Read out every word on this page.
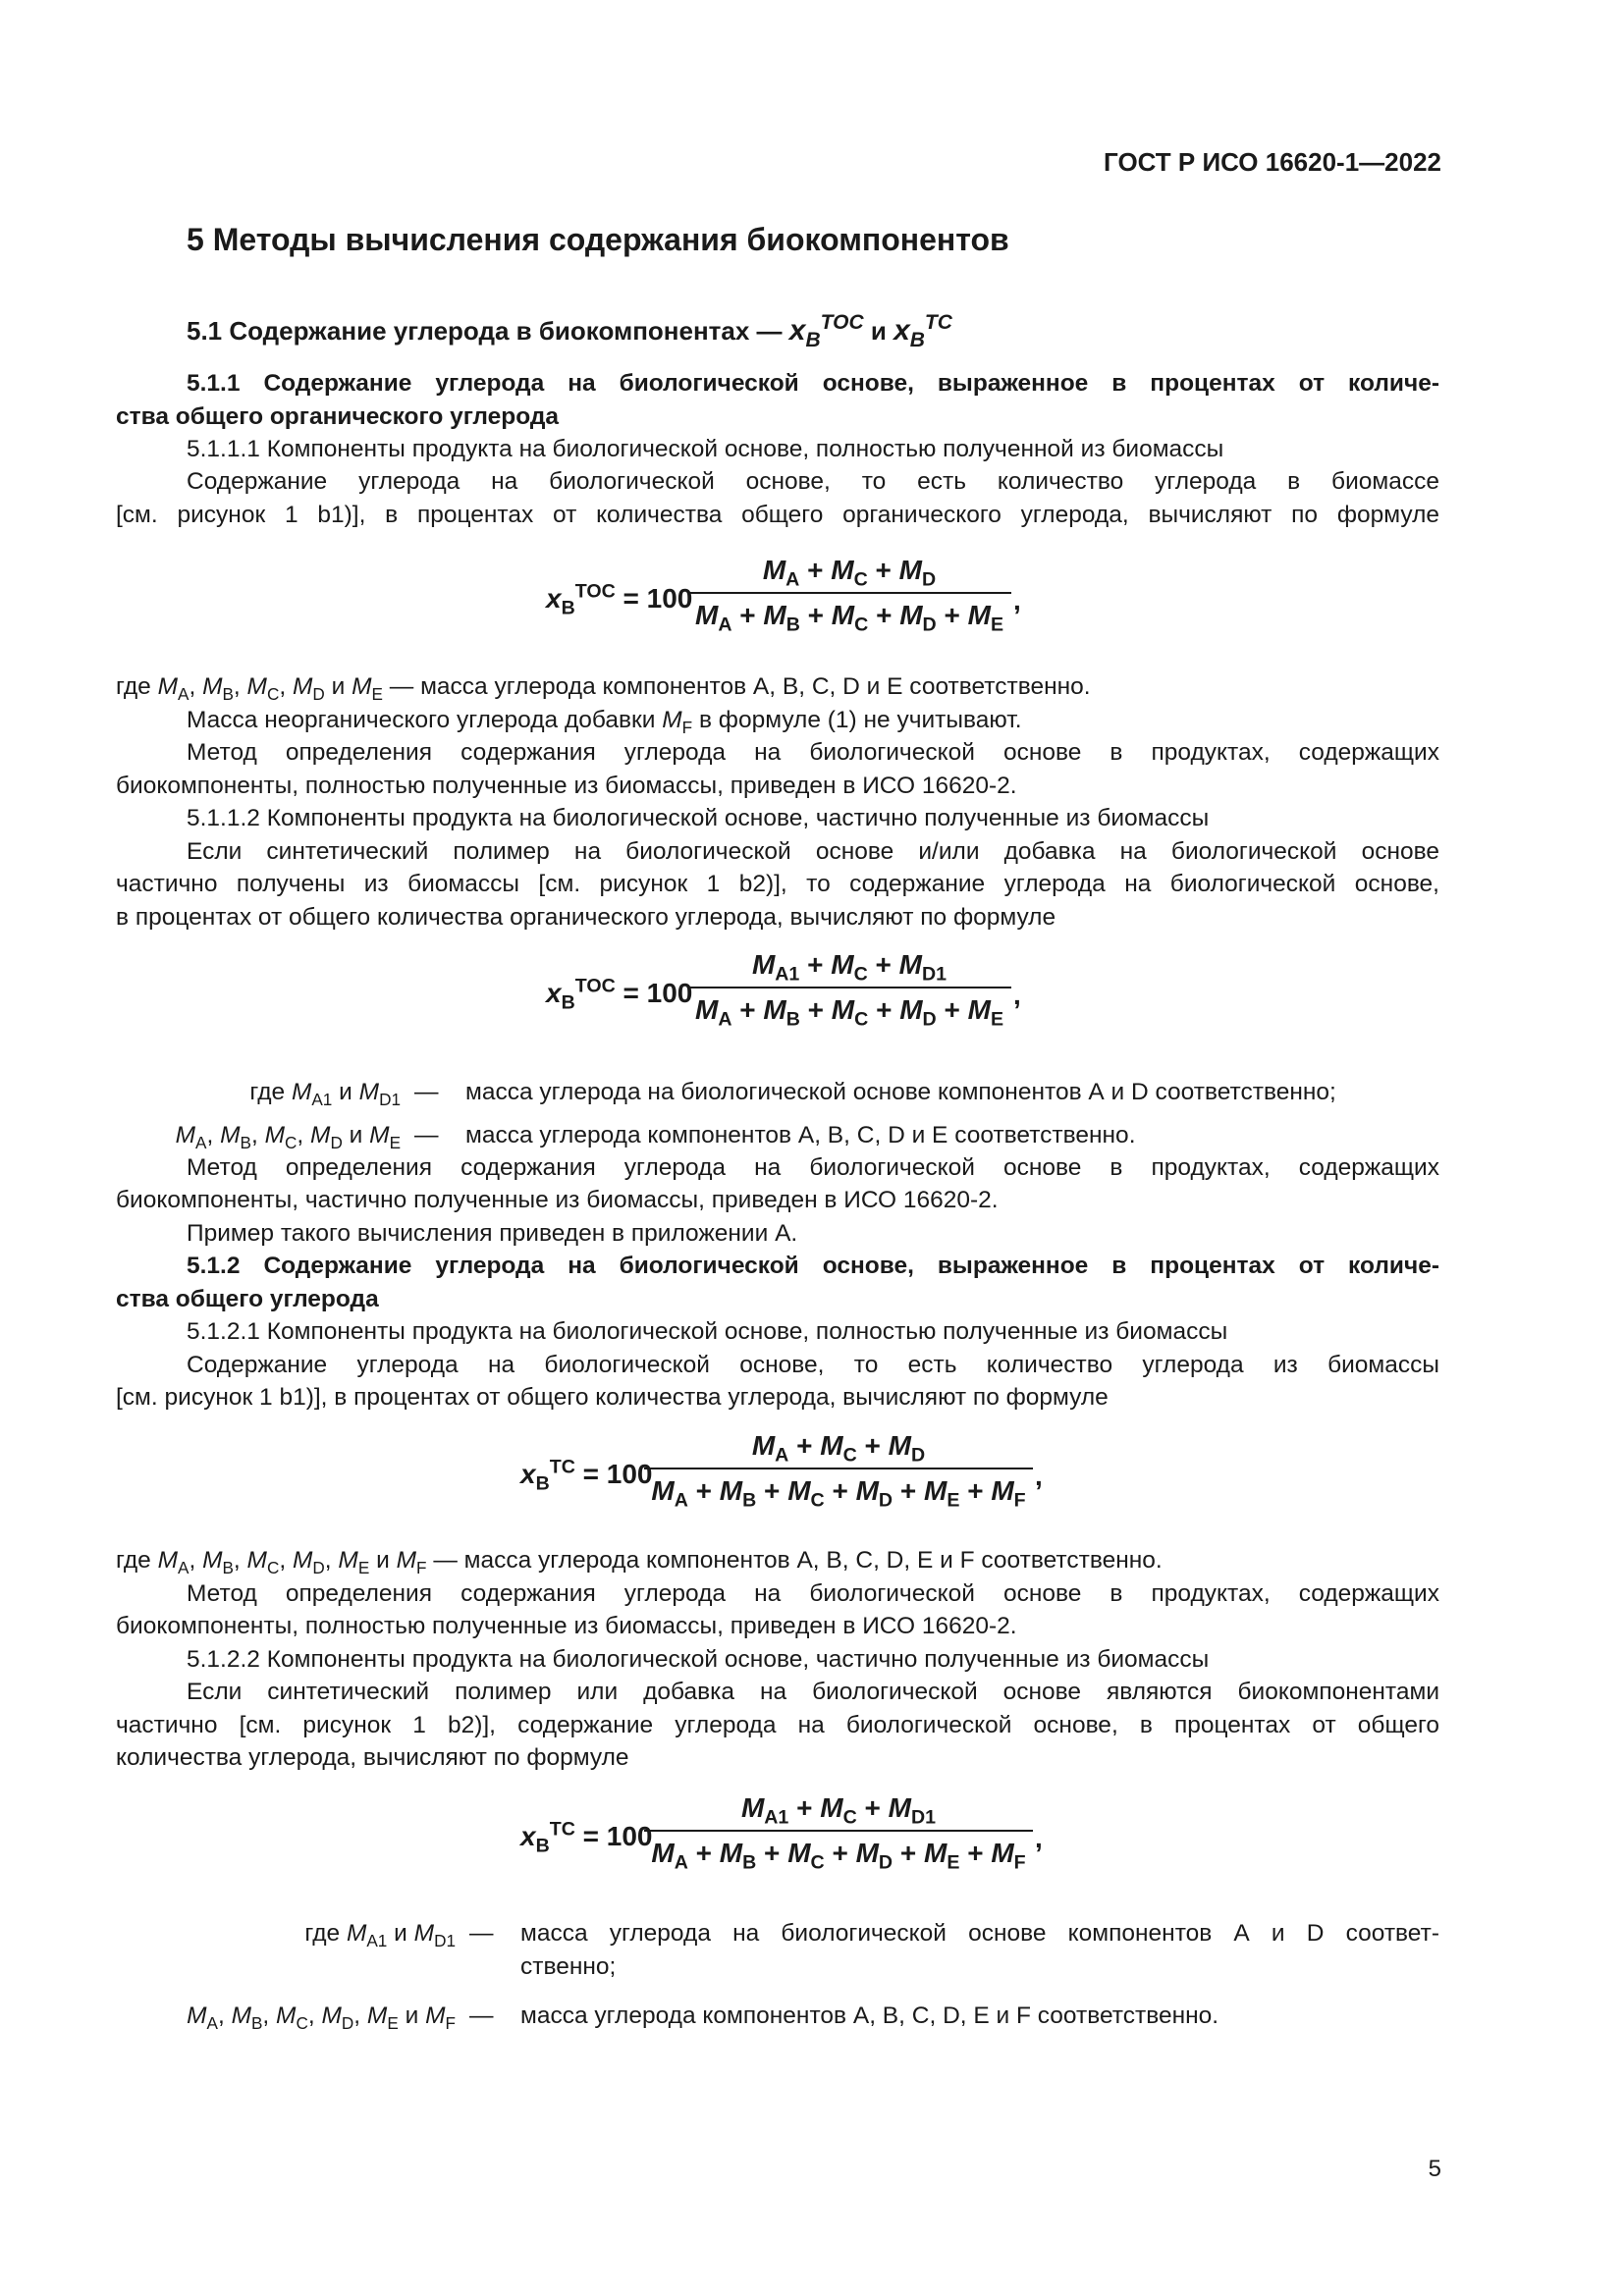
ГОСТ Р ИСО 16620-1—2022
5 Методы вычисления содержания биокомпонентов
5.1 Содержание углерода в биокомпонентах — $x_B^{TOC}$ и $x_B^{TC}$
5.1.1 Содержание углерода на биологической основе, выраженное в процентах от количе-
ства общего органического углерода
5.1.1.1 Компоненты продукта на биологической основе, полностью полученной из биомассы
Содержание углерода на биологической основе, то есть количество углерода в биомассе
[см. рисунок 1 b1)], в процентах от количества общего органического углерода, вычисляют по формуле
$x_B^{TOC} = 100$
$\frac{M_A + M_C + M_D}{M_A + M_B + M_C + M_D + M_E}$ ,
где $M_A$, $M_B$, $M_C$, $M_D$ и $M_E$ — масса углерода компонентов А, В, С, D и Е соответственно.
Масса неорганического углерода добавки $M_F$ в формуле (1) не учитывают.
Метод определения содержания углерода на биологической основе в продуктах, содержащих
биокомпоненты, полностью полученные из биомассы, приведен в ИСО 16620-2.
5.1.1.2 Компоненты продукта на биологической основе, частично полученные из биомассы
Если синтетический полимер на биологической основе и/или добавка на биологической основе
частично получены из биомассы [см. рисунок 1 b2)], то содержание углерода на биологической основе,
в процентах от общего количества органического углерода, вычисляют по формуле
$x_B^{TOC} = 100$
$\frac{M_{A1} + M_C + M_{D1}}{M_A + M_B + M_C + M_D + M_E}$ ,
где $M_{A1}$ и $M_{D1}$ — масса углерода на биологической основе компонентов А и D соответственно;
$M_A$, $M_B$, $M_C$, $M_D$ и $M_E$ — масса углерода компонентов А, В, С, D и Е соответственно.
Метод определения содержания углерода на биологической основе в продуктах, содержащих
биокомпоненты, частично полученные из биомассы, приведен в ИСО 16620-2.
Пример такого вычисления приведен в приложении А.
5.1.2 Содержание углерода на биологической основе, выраженное в процентах от количе-
ства общего углерода
5.1.2.1 Компоненты продукта на биологической основе, полностью полученные из биомассы
Содержание углерода на биологической основе, то есть количество углерода из биомассы
[см. рисунок 1 b1)], в процентах от общего количества углерода, вычисляют по формуле
$x_B^{TC} = 100$
$\frac{M_A + M_C + M_D}{M_A + M_B + M_C + M_D + M_E + M_F}$ ,
где $M_A$, $M_B$, $M_C$, $M_D$, $M_E$ и $M_F$ — масса углерода компонентов А, В, С, D, E и F соответственно.
Метод определения содержания углерода на биологической основе в продуктах, содержащих
биокомпоненты, полностью полученные из биомассы, приведен в ИСО 16620-2.
5.1.2.2 Компоненты продукта на биологической основе, частично полученные из биомассы
Если синтетический полимер или добавка на биологической основе являются биокомпонентами
частично [см. рисунок 1 b2)], содержание углерода на биологической основе, в процентах от общего
количества углерода, вычисляют по формуле
$x_B^{TC} = 100$
$\frac{M_{A1} + M_C + M_{D1}}{M_A + M_B + M_C + M_D + M_E + M_F}$ ,
где $M_{A1}$ и $M_{D1}$ — масса углерода на биологической основе компонентов А и D соответ-
ственно;
$M_A$, $M_B$, $M_C$, $M_D$, $M_E$ и $M_F$ — масса углерода компонентов А, В, С, D, E и F соответственно.
5
